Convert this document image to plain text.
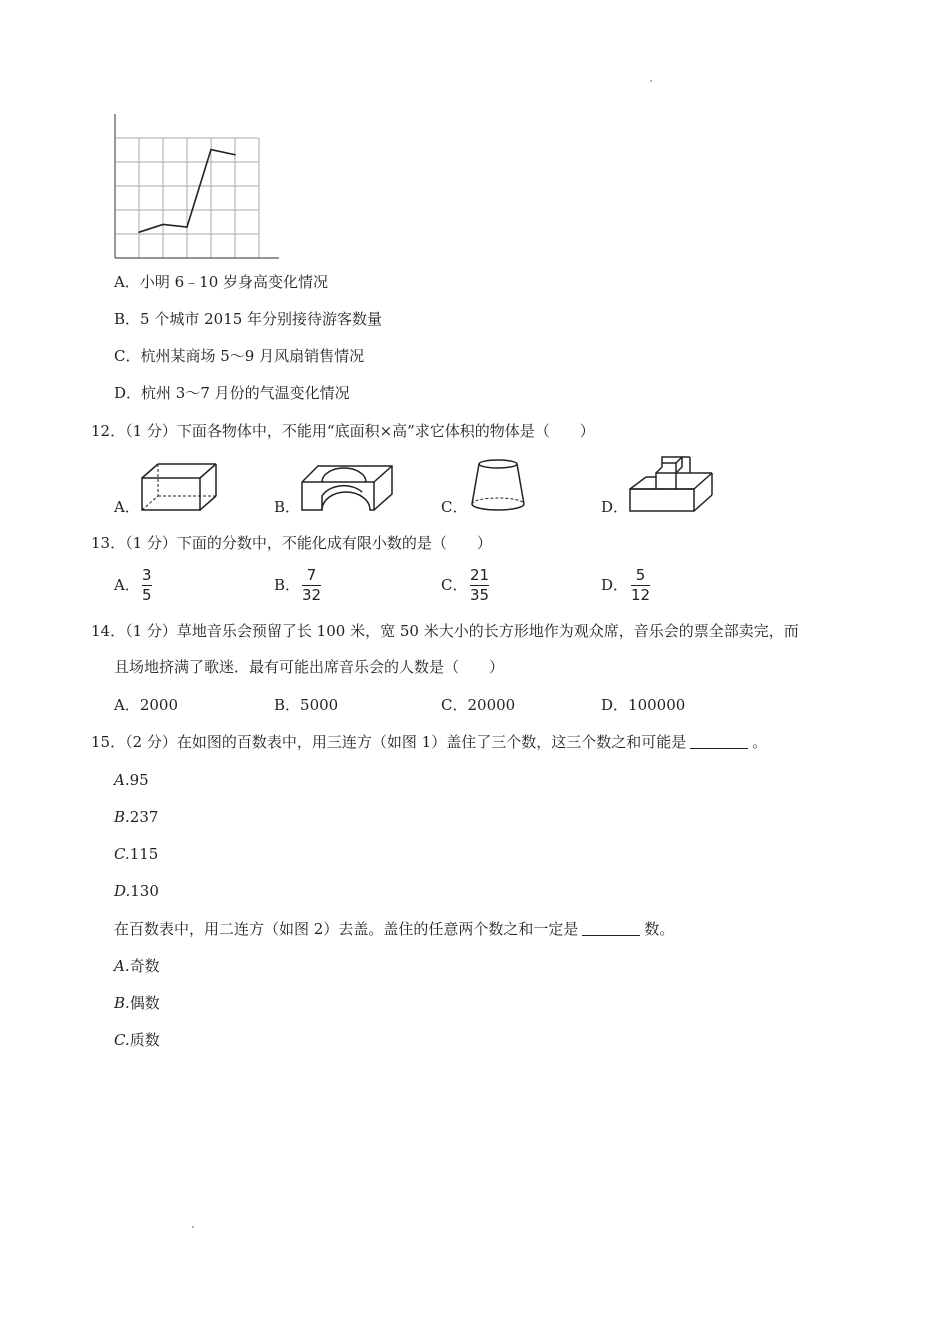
A．小明 6﹣10 岁身高变化情况
B．5 个城市 2015 年分别接待游客数量
C．杭州某商场 5～9 月风扇销售情况
D．杭州 3～7 月份的气温变化情况
12．（1 分）下面各物体中，不能用“底面积×高”求它体积的物体是（　　）
A．	B．	C．	D．
13．（1 分）下面的分数中，不能化成有限小数的是（　　）
A．
3
5
B．
7
32
C．
21
35
D．
5
12
14．（1 分）草地音乐会预留了长 100 米，宽 50 米大小的长方形地作为观众席，音乐会的票全部卖完，而
且场地挤满了歌迷．最有可能出席音乐会的人数是（　　）
A．2000	B．5000	C．20000	D．100000
15．（2 分）在如图的百数表中，用三连方（如图 1）盖住了三个数，这三个数之和可能是	。
A.95
B.237
C.115
D.130
在百数表中，用二连方（如图 2）去盖。盖住的任意两个数之和一定是	数。
A.奇数
B.偶数
C.质数
